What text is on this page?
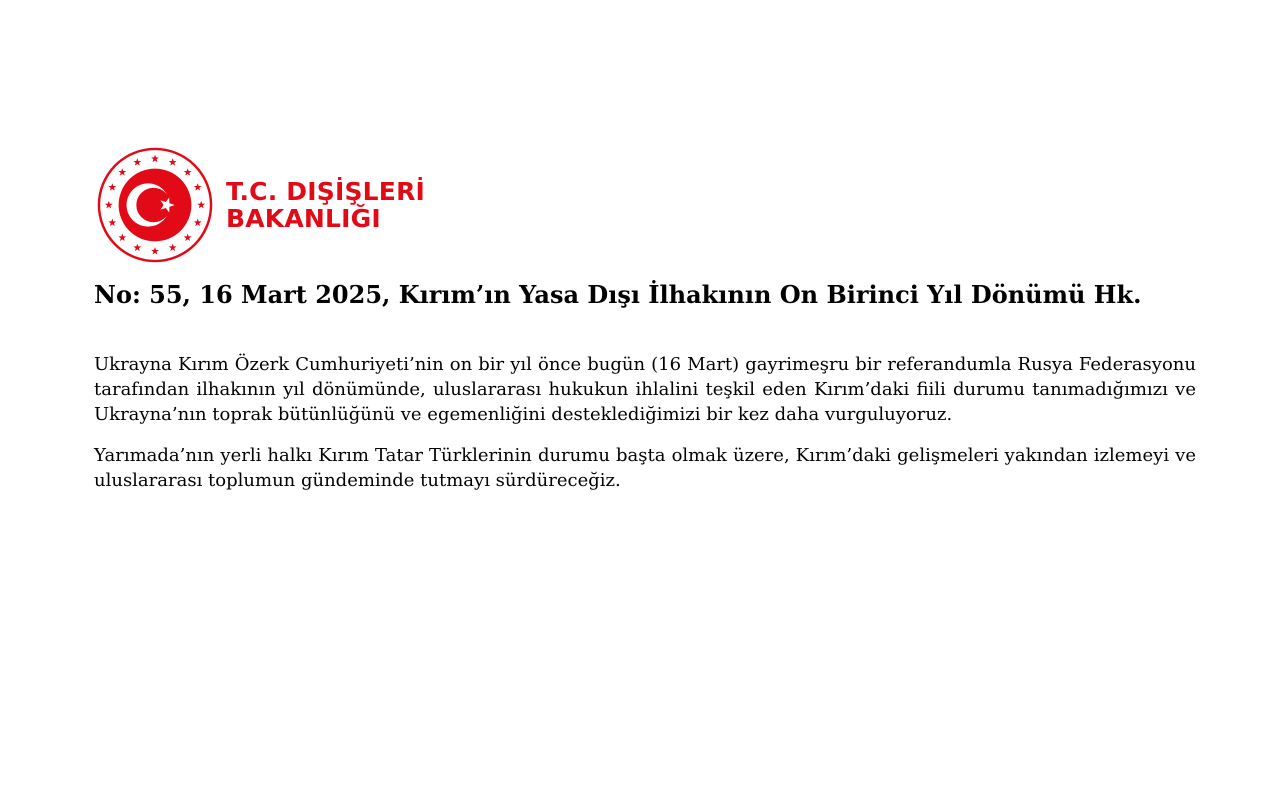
T.C. DIŞİŞLERİ
BAKANLIĞI
No: 55, 16 Mart 2025, Kırım’ın Yasa Dışı İlhakının On Birinci Yıl Dönümü Hk.

Ukrayna Kırım Özerk Cumhuriyeti’nin on bir yıl önce bugün (16 Mart) gayrimeşru bir referandumla Rusya Federasyonu tarafından ilhakının yıl dönümünde, uluslararası hukukun ihlalini teşkil eden Kırım’daki fiili durumu tanımadığımızı ve Ukrayna’nın toprak bütünlüğünü ve egemenliğini desteklediğimizi bir kez daha vurguluyoruz.

Yarımada’nın yerli halkı Kırım Tatar Türklerinin durumu başta olmak üzere, Kırım’daki gelişmeleri yakından izlemeyi ve uluslararası toplumun gündeminde tutmayı sürdüreceğiz.
